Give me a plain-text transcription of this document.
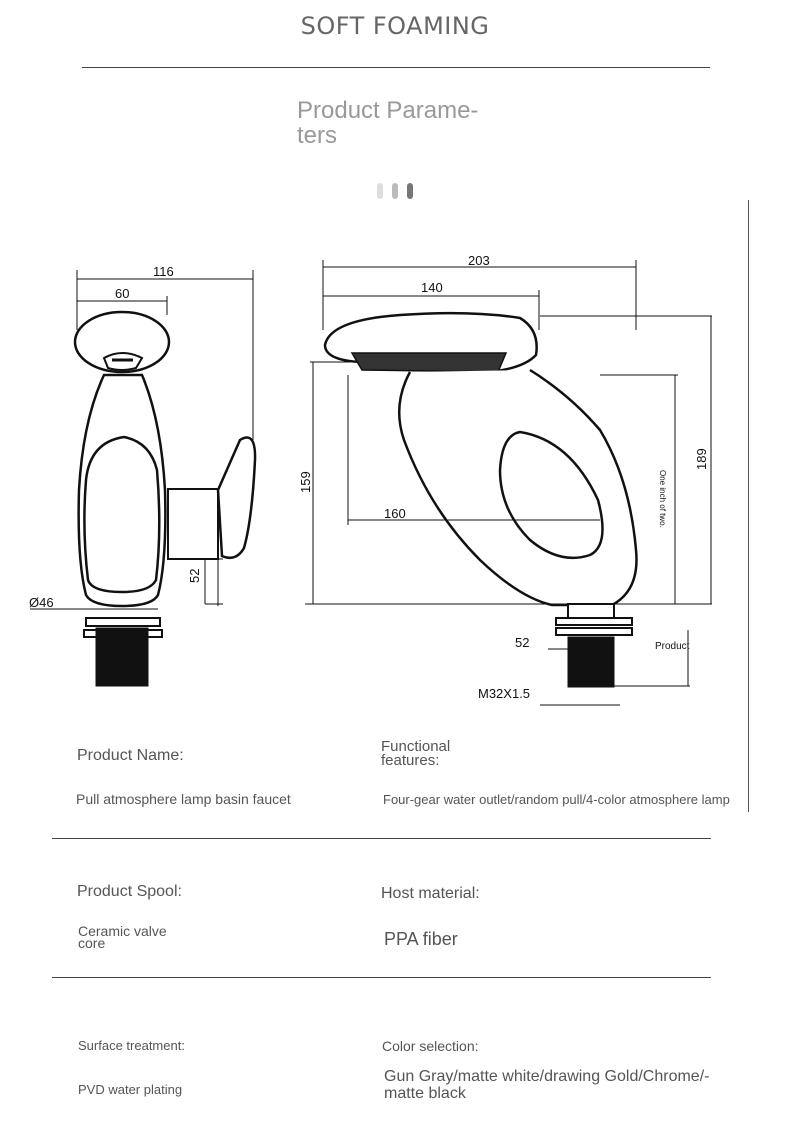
SOFT FOAMING
Product Parame-
ters
116
60
52
Ø46
203
140
160
159
189
One inch of two.
52	Product
M32X1.5
Product Name:
Functional
features:
Pull atmosphere lamp basin faucet	Four-gear water outlet/random pull/4-color atmosphere lamp
Product Spool:	Host material:
Ceramic valve
core	PPA fiber
Surface treatment:	Color selection:
PVD water plating
Gun Gray/matte white/drawing Gold/Chrome/-
matte black
